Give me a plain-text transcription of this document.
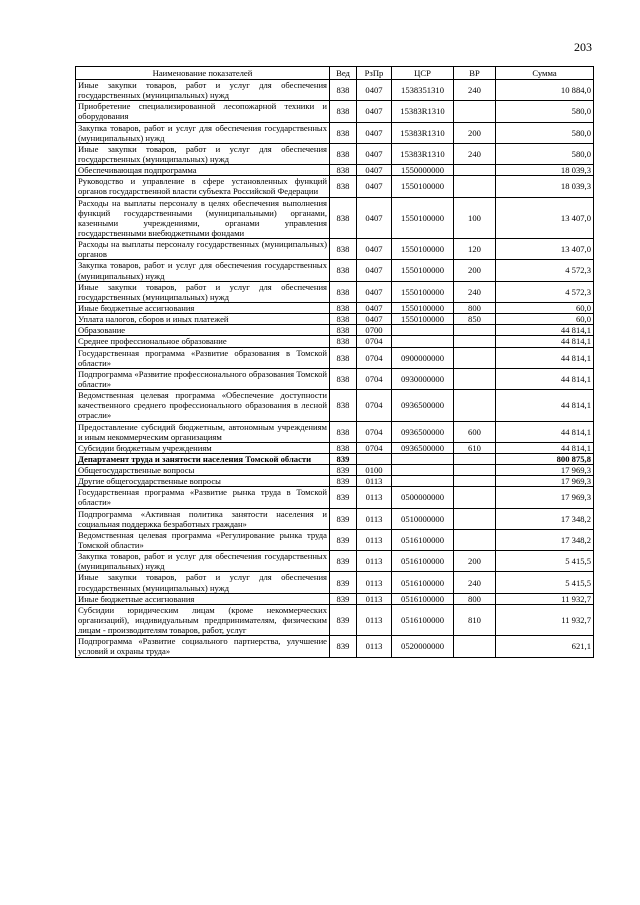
203
Наименование показателей	Вед	РзПр	ЦСР	ВР	Сумма
Иные закупки товаров, работ и услуг для обеспечения государственных (муниципальных) нужд	838	0407	1538351310	240	10 884,0
Приобретение специализированной лесопожарной техники и оборудования	838	0407	15383R1310		580,0
Закупка товаров, работ и услуг для обеспечения государственных (муниципальных) нужд	838	0407	15383R1310	200	580,0
Иные закупки товаров, работ и услуг для обеспечения государственных (муниципальных) нужд	838	0407	15383R1310	240	580,0
Обеспечивающая подпрограмма	838	0407	1550000000		18 039,3
Руководство и управление в сфере установленных функций органов государственной власти субъекта Российской Федерации	838	0407	1550100000		18 039,3
Расходы на выплаты персоналу в целях обеспечения выполнения функций государственными (муниципальными) органами, казенными учреждениями, органами управления государственными внебюджетными фондами	838	0407	1550100000	100	13 407,0
Расходы на выплаты персоналу государственных (муниципальных) органов	838	0407	1550100000	120	13 407,0
Закупка товаров, работ и услуг для обеспечения государственных (муниципальных) нужд	838	0407	1550100000	200	4 572,3
Иные закупки товаров, работ и услуг для обеспечения государственных (муниципальных) нужд	838	0407	1550100000	240	4 572,3
Иные бюджетные ассигнования	838	0407	1550100000	800	60,0
Уплата налогов, сборов и иных платежей	838	0407	1550100000	850	60,0
Образование	838	0700			44 814,1
Среднее профессиональное образование	838	0704			44 814,1
Государственная программа «Развитие образования в Томской области»	838	0704	0900000000		44 814,1
Подпрограмма «Развитие профессионального образования Томской области»	838	0704	0930000000		44 814,1
Ведомственная целевая программа «Обеспечение доступности качественного среднего профессионального образования в лесной отрасли»	838	0704	0936500000		44 814,1
Предоставление субсидий бюджетным, автономным учреждениям и иным некоммерческим организациям	838	0704	0936500000	600	44 814,1
Субсидии бюджетным учреждениям	838	0704	0936500000	610	44 814,1
Департамент труда и занятости населения Томской области	839				800 875,8
Общегосударственные вопросы	839	0100			17 969,3
Другие общегосударственные вопросы	839	0113			17 969,3
Государственная программа «Развитие рынка труда в Томской области»	839	0113	0500000000		17 969,3
Подпрограмма «Активная политика занятости населения и социальная поддержка безработных граждан»	839	0113	0510000000		17 348,2
Ведомственная целевая программа «Регулирование рынка труда Томской области»	839	0113	0516100000		17 348,2
Закупка товаров, работ и услуг для обеспечения государственных (муниципальных) нужд	839	0113	0516100000	200	5 415,5
Иные закупки товаров, работ и услуг для обеспечения государственных (муниципальных) нужд	839	0113	0516100000	240	5 415,5
Иные бюджетные ассигнования	839	0113	0516100000	800	11 932,7
Субсидии юридическим лицам (кроме некоммерческих организаций), индивидуальным предпринимателям, физическим лицам - производителям товаров, работ, услуг	839	0113	0516100000	810	11 932,7
Подпрограмма «Развитие социального партнерства, улучшение условий и охраны труда»	839	0113	0520000000		621,1
